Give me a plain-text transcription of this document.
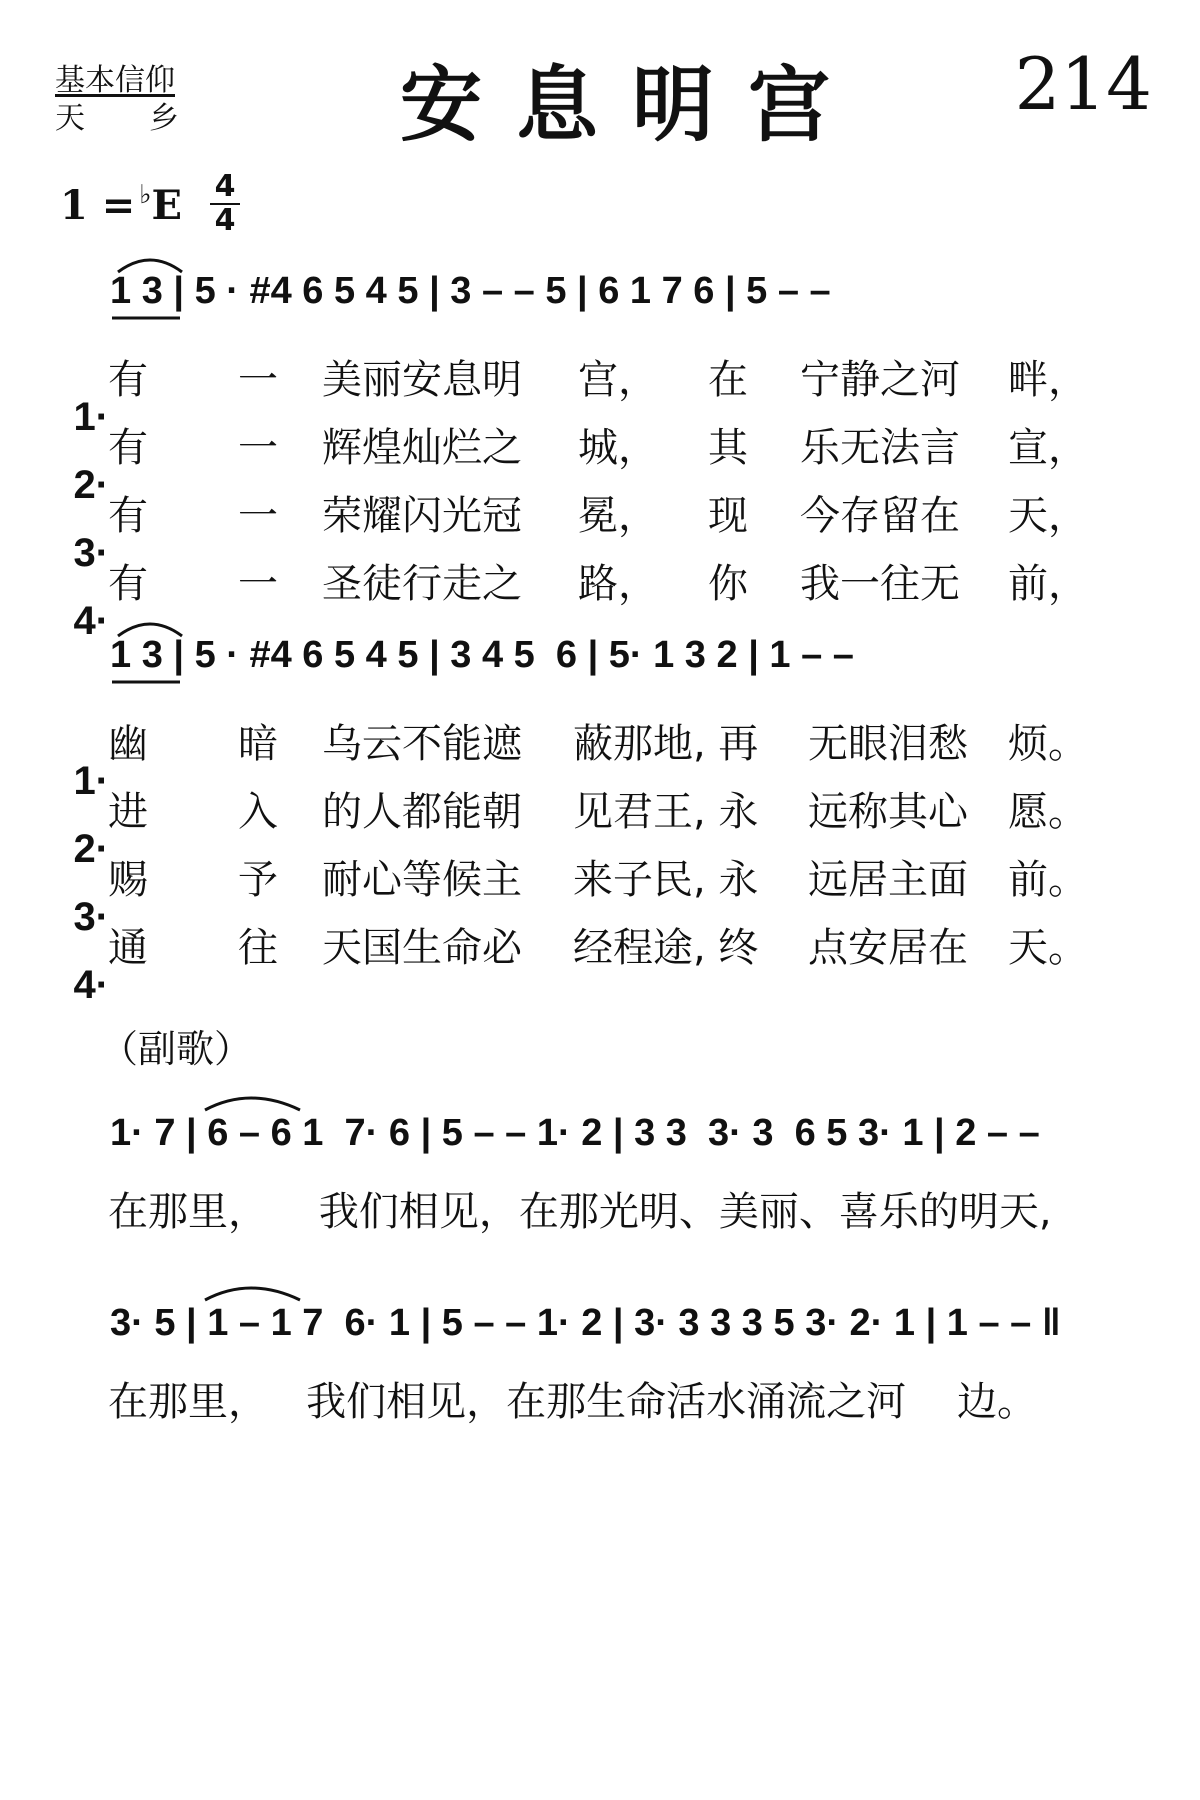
基本信仰
天乡 安息明宫 214
1 = ♭E 4
4
1 3 | 5 · #4 6 5 4 5 | 3 – – 5 | 6 1 7 6 | 5 – –

1·

有

一

美丽安息明

宫，

在

宁静之河

畔，

2·

有

一

辉煌灿烂之

城，

其

乐无法言

宣，

3·

有

一

荣耀闪光冠

冕，

现

今存留在

天，

4·

有

一

圣徒行走之

路，

你

我一往无

前，

1 3 | 5 · #4 6 5 4 5 | 3 4 5  6 | 5· 1 3 2 | 1 – –

1·

幽

暗

乌云不能遮

蔽那地, 再

无眼泪愁

烦。

2·

进

入

的人都能朝

见君王, 永

远称其心

愿。

3·

赐

予

耐心等候主

来子民, 永

远居主面

前。

4·

通

往

天国生命必

经程途, 终

点安居在

天。

（副歌）
1· 7 | 6 – 6 1  7· 6 | 5 – – 1· 2 | 3 3  3· 3  6 5 3· 1 | 2 – –
在那里，    我们相见，在那光明、美丽、喜乐的明天,
3· 5 | 1 – 1 7  6· 1 | 5 – – 1· 2 | 3· 3 3 3 5 3· 2· 1 | 1 – – ‖
在那里，   我们相见，在那生命活水涌流之河    边。
